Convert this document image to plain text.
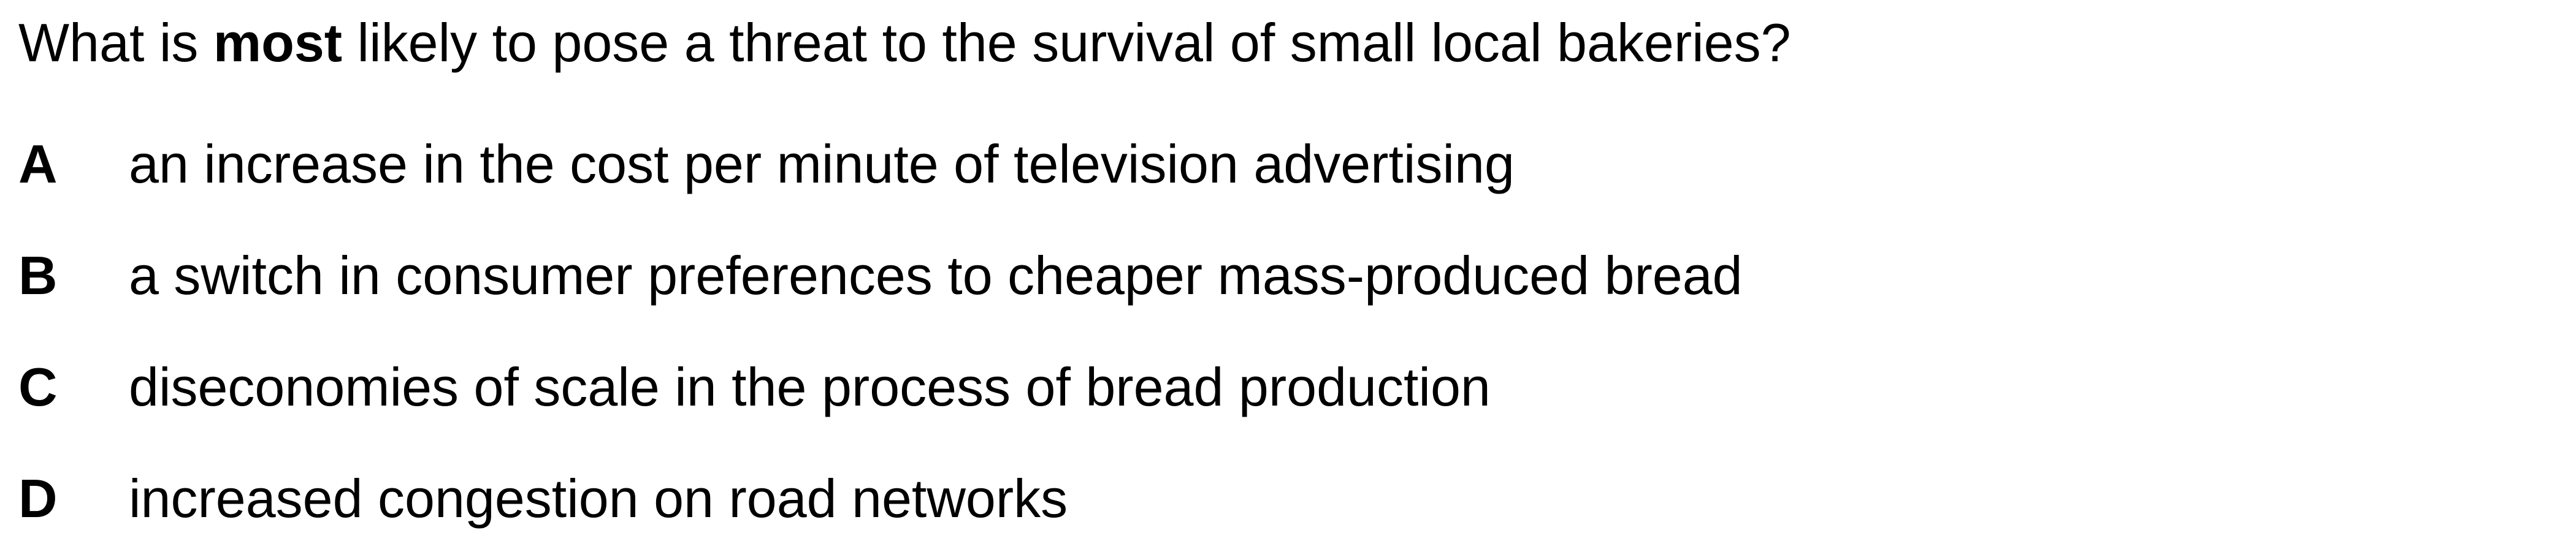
What is most likely to pose a threat to the survival of small local bakeries?
A an increase in the cost per minute of television advertising
B a switch in consumer preferences to cheaper mass-produced bread
C diseconomies of scale in the process of bread production
D increased congestion on road networks
